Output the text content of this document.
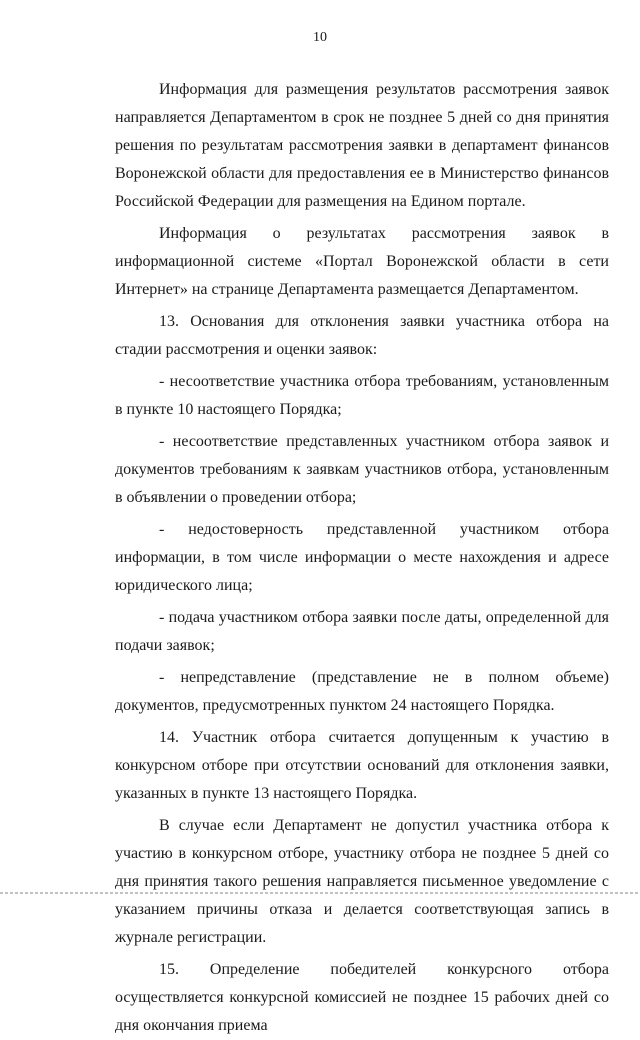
10

Информация для размещения результатов рассмотрения заявок направляется Департаментом в срок не позднее 5 дней со дня принятия решения по результатам рассмотрения заявки в департамент финансов Воронежской области для предоставления ее в Министерство финансов Российской Федерации для размещения на Едином портале.

Информация о результатах рассмотрения заявок в информационной системе «Портал Воронежской области в сети Интернет» на странице Департамента размещается Департаментом.

13. Основания для отклонения заявки участника отбора на стадии рассмотрения и оценки заявок:

- несоответствие участника отбора требованиям, установленным в пункте 10 настоящего Порядка;

- несоответствие представленных участником отбора заявок и документов требованиям к заявкам участников отбора, установленным в объявлении о проведении отбора;

- недостоверность представленной участником отбора информации, в том числе информации о месте нахождения и адресе юридического лица;

- подача участником отбора заявки после даты, определенной для подачи заявок;

- непредставление (представление не в полном объеме) документов, предусмотренных пунктом 24 настоящего Порядка.

14. Участник отбора считается допущенным к участию в конкурсном отборе при отсутствии оснований для отклонения заявки, указанных в пункте 13 настоящего Порядка.

В случае если Департамент не допустил участника отбора к участию в конкурсном отборе, участнику отбора не позднее 5 дней со дня принятия такого решения направляется письменное уведомление с указанием причины отказа и делается соответствующая запись в журнале регистрации.

15. Определение победителей конкурсного отбора осуществляется конкурсной комиссией не позднее 15 рабочих дней со дня окончания приема
